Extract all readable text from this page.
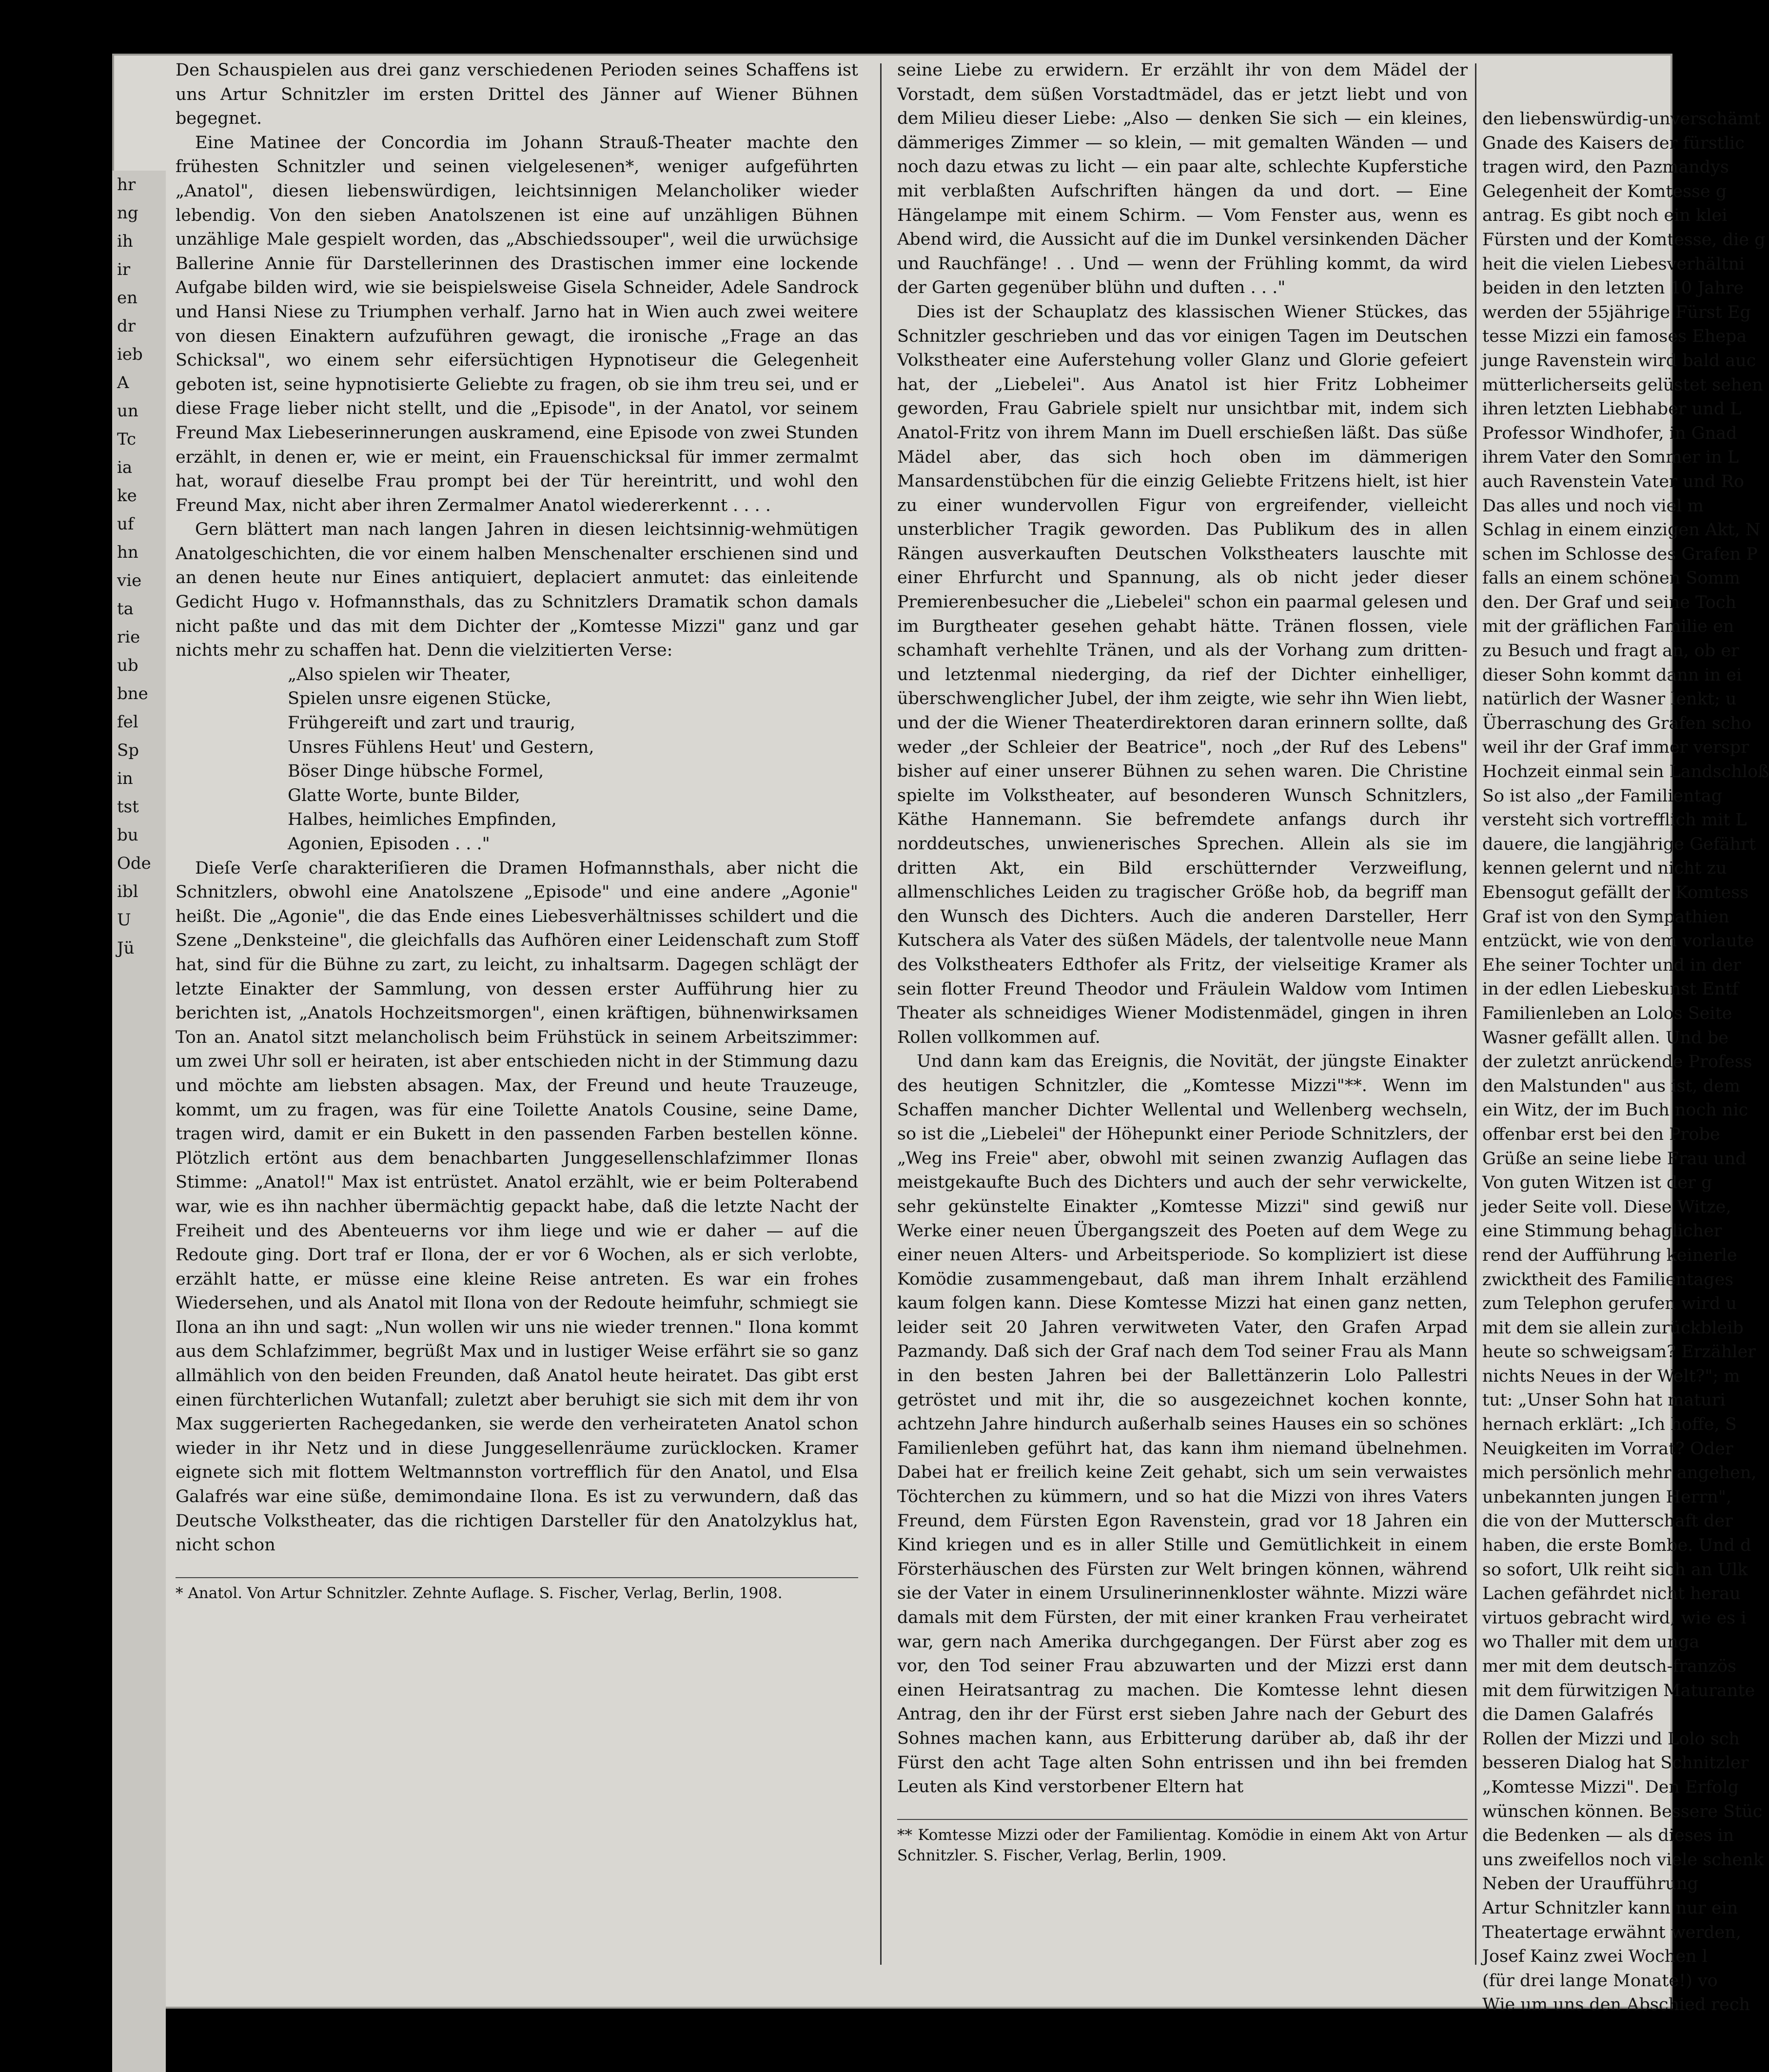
hr
ng
ih
ir
en
dr
ieb
A
un
Tc
ia
ke
uf
hn
vie
ta
rie
ub
bne
fel
Sp
in
tst
bu
Ode
ibl
U
Jü

Den Schauspielen aus drei ganz verschiedenen Perioden seines Schaffens ist uns Artur Schnitzler im ersten Drittel des Jänner auf Wiener Bühnen begegnet.

Eine Matinee der Concordia im Johann Strauß-Theater machte den frühesten Schnitzler und seinen vielgelesenen*, weniger aufgeführten „Anatol", diesen liebenswürdigen, leichtsinnigen Melancholiker wieder lebendig. Von den sieben Anatolszenen ist eine auf unzähligen Bühnen unzählige Male gespielt worden, das „Abschiedssouper", weil die urwüchsige Ballerine Annie für Darstellerinnen des Drastischen immer eine lockende Aufgabe bilden wird, wie sie beispielsweise Gisela Schneider, Adele Sandrock und Hansi Niese zu Triumphen verhalf. Jarno hat in Wien auch zwei weitere von diesen Einaktern aufzuführen gewagt, die ironische „Frage an das Schicksal", wo einem sehr eifersüchtigen Hypnotiseur die Gelegenheit geboten ist, seine hypnotisierte Geliebte zu fragen, ob sie ihm treu sei, und er diese Frage lieber nicht stellt, und die „Episode", in der Anatol, vor seinem Freund Max Liebeserinnerungen auskramend, eine Episode von zwei Stunden erzählt, in denen er, wie er meint, ein Frauenschicksal für immer zermalmt hat, worauf dieselbe Frau prompt bei der Tür hereintritt, und wohl den Freund Max, nicht aber ihren Zermalmer Anatol wiedererkennt . . . .

Gern blättert man nach langen Jahren in diesen leichtsinnig-wehmütigen Anatolgeschichten, die vor einem halben Menschenalter erschienen sind und an denen heute nur Eines antiquiert, deplaciert anmutet: das einleitende Gedicht Hugo v. Hofmannsthals, das zu Schnitzlers Dramatik schon damals nicht paßte und das mit dem Dichter der „Komtesse Mizzi" ganz und gar nichts mehr zu schaffen hat. Denn die vielzitierten Verse:

„Also spielen wir Theater,
Spielen unsre eigenen Stücke,
Frühgereift und zart und traurig,
Unsres Fühlens Heut' und Gestern,
Böser Dinge hübsche Formel,
Glatte Worte, bunte Bilder,
Halbes, heimliches Empfinden,
Agonien, Episoden . . ."

Dieſe Verſe charakteriſieren die Dramen Hofmannsthals, aber nicht die Schnitzlers, obwohl eine Anatolszene „Episode" und eine andere „Agonie" heißt. Die „Agonie", die das Ende eines Liebesverhältnisses schildert und die Szene „Denksteine", die gleichfalls das Aufhören einer Leidenschaft zum Stoff hat, sind für die Bühne zu zart, zu leicht, zu inhaltsarm. Dagegen schlägt der letzte Einakter der Sammlung, von dessen erster Aufführung hier zu berichten ist, „Anatols Hochzeitsmorgen", einen kräftigen, bühnenwirksamen Ton an. Anatol sitzt melancholisch beim Frühstück in seinem Arbeitszimmer: um zwei Uhr soll er heiraten, ist aber entschieden nicht in der Stimmung dazu und möchte am liebsten absagen. Max, der Freund und heute Trauzeuge, kommt, um zu fragen, was für eine Toilette Anatols Cousine, seine Dame, tragen wird, damit er ein Bukett in den passenden Farben bestellen könne. Plötzlich ertönt aus dem benachbarten Junggesellenschlafzimmer Ilonas Stimme: „Anatol!" Max ist entrüstet. Anatol erzählt, wie er beim Polterabend war, wie es ihn nachher übermächtig gepackt habe, daß die letzte Nacht der Freiheit und des Abenteuerns vor ihm liege und wie er daher — auf die Redoute ging. Dort traf er Ilona, der er vor 6 Wochen, als er sich verlobte, erzählt hatte, er müsse eine kleine Reise antreten. Es war ein frohes Wiedersehen, und als Anatol mit Ilona von der Redoute heimfuhr, schmiegt sie Ilona an ihn und sagt: „Nun wollen wir uns nie wieder trennen." Ilona kommt aus dem Schlafzimmer, begrüßt Max und in lustiger Weise erfährt sie so ganz allmählich von den beiden Freunden, daß Anatol heute heiratet. Das gibt erst einen fürchterlichen Wutanfall; zuletzt aber beruhigt sie sich mit dem ihr von Max suggerierten Rachegedanken, sie werde den verheirateten Anatol schon wieder in ihr Netz und in diese Junggesellenräume zurücklocken. Kramer eignete sich mit flottem Weltmannston vortrefflich für den Anatol, und Elsa Galafrés war eine süße, demimondaine Ilona. Es ist zu verwundern, daß das Deutsche Volkstheater, das die richtigen Darsteller für den Anatolzyklus hat, nicht schon

* Anatol. Von Artur Schnitzler. Zehnte Auflage. S. Fischer, Verlag, Berlin, 1908.

seine Liebe zu erwidern. Er erzählt ihr von dem Mädel der Vorstadt, dem süßen Vorstadtmädel, das er jetzt liebt und von dem Milieu dieser Liebe: „Also — denken Sie sich — ein kleines, dämmeriges Zimmer — so klein, — mit gemalten Wänden — und noch dazu etwas zu licht — ein paar alte, schlechte Kupferstiche mit verblaßten Aufschriften hängen da und dort. — Eine Hängelampe mit einem Schirm. — Vom Fenster aus, wenn es Abend wird, die Aussicht auf die im Dunkel versinkenden Dächer und Rauchfänge! . . Und — wenn der Frühling kommt, da wird der Garten gegenüber blühn und duften . . ."

Dies ist der Schauplatz des klassischen Wiener Stückes, das Schnitzler geschrieben und das vor einigen Tagen im Deutschen Volkstheater eine Auferstehung voller Glanz und Glorie gefeiert hat, der „Liebelei". Aus Anatol ist hier Fritz Lobheimer geworden, Frau Gabriele spielt nur unsichtbar mit, indem sich Anatol-Fritz von ihrem Mann im Duell erschießen läßt. Das süße Mädel aber, das sich hoch oben im dämmerigen Mansardenstübchen für die einzig Geliebte Fritzens hielt, ist hier zu einer wundervollen Figur von ergreifender, vielleicht unsterblicher Tragik geworden. Das Publikum des in allen Rängen ausverkauften Deutschen Volkstheaters lauschte mit einer Ehrfurcht und Spannung, als ob nicht jeder dieser Premierenbesucher die „Liebelei" schon ein paarmal gelesen und im Burgtheater gesehen gehabt hätte. Tränen flossen, viele schamhaft verhehlte Tränen, und als der Vorhang zum dritten- und letztenmal niederging, da rief der Dichter einhelliger, überschwenglicher Jubel, der ihm zeigte, wie sehr ihn Wien liebt, und der die Wiener Theaterdirektoren daran erinnern sollte, daß weder „der Schleier der Beatrice", noch „der Ruf des Lebens" bisher auf einer unserer Bühnen zu sehen waren. Die Christine spielte im Volkstheater, auf besonderen Wunsch Schnitzlers, Käthe Hannemann. Sie befremdete anfangs durch ihr norddeutsches, unwienerisches Sprechen. Allein als sie im dritten Akt, ein Bild erschütternder Verzweiflung, allmenschliches Leiden zu tragischer Größe hob, da begriff man den Wunsch des Dichters. Auch die anderen Darsteller, Herr Kutschera als Vater des süßen Mädels, der talentvolle neue Mann des Volkstheaters Edthofer als Fritz, der vielseitige Kramer als sein flotter Freund Theodor und Fräulein Waldow vom Intimen Theater als schneidiges Wiener Modistenmädel, gingen in ihren Rollen vollkommen auf.

Und dann kam das Ereignis, die Novität, der jüngste Einakter des heutigen Schnitzler, die „Komtesse Mizzi"**. Wenn im Schaffen mancher Dichter Wellental und Wellenberg wechseln, so ist die „Liebelei" der Höhepunkt einer Periode Schnitzlers, der „Weg ins Freie" aber, obwohl mit seinen zwanzig Auflagen das meistgekaufte Buch des Dichters und auch der sehr verwickelte, sehr gekünstelte Einakter „Komtesse Mizzi" sind gewiß nur Werke einer neuen Übergangszeit des Poeten auf dem Wege zu einer neuen Alters- und Arbeitsperiode. So kompliziert ist diese Komödie zusammengebaut, daß man ihrem Inhalt erzählend kaum folgen kann. Diese Komtesse Mizzi hat einen ganz netten, leider seit 20 Jahren verwitweten Vater, den Grafen Arpad Pazmandy. Daß sich der Graf nach dem Tod seiner Frau als Mann in den besten Jahren bei der Ballettänzerin Lolo Pallestri getröstet und mit ihr, die so ausgezeichnet kochen konnte, achtzehn Jahre hindurch außerhalb seines Hauses ein so schönes Familienleben geführt hat, das kann ihm niemand übelnehmen. Dabei hat er freilich keine Zeit gehabt, sich um sein verwaistes Töchterchen zu kümmern, und so hat die Mizzi von ihres Vaters Freund, dem Fürsten Egon Ravenstein, grad vor 18 Jahren ein Kind kriegen und es in aller Stille und Gemütlichkeit in einem Försterhäuschen des Fürsten zur Welt bringen können, während sie der Vater in einem Ursulinerinnenkloster wähnte. Mizzi wäre damals mit dem Fürsten, der mit einer kranken Frau verheiratet war, gern nach Amerika durchgegangen. Der Fürst aber zog es vor, den Tod seiner Frau abzuwarten und der Mizzi erst dann einen Heiratsantrag zu machen. Die Komtesse lehnt diesen Antrag, den ihr der Fürst erst sieben Jahre nach der Geburt des Sohnes machen kann, aus Erbitterung darüber ab, daß ihr der Fürst den acht Tage alten Sohn entrissen und ihn bei fremden Leuten als Kind verstorbener Eltern hat

** Komtesse Mizzi oder der Familientag. Komödie in einem Akt von Artur Schnitzler. S. Fischer, Verlag, Berlin, 1909.
den liebenswürdig-unverschämt
Gnade des Kaisers der fürstlic
tragen wird, den Pazmandys
Gelegenheit der Komtesse g
antrag. Es gibt noch ein klei
Fürsten und der Komtesse, die g
heit die vielen Liebesverhältni
beiden in den letzten 10 Jahre
werden der 55jährige Fürst Eg
tesse Mizzi ein famoses Ehepa
junge Ravenstein wird bald auc
mütterlicherseits gelüstet sehen
ihren letzten Liebhaber und L
Professor Windhofer, in Gnad
ihrem Vater den Sommer in L
auch Ravenstein Vater und Ro
Das alles und noch viel m
Schlag in einem einzigen Akt, N
schen im Schlosse des Grafen P
falls an einem schönen Somm
den. Der Graf und seine Toch
mit der gräflichen Familie en
zu Besuch und fragt an, ob er
dieser Sohn kommt dann in ei
natürlich der Wasner lenkt; u
Überraschung des Grafen scho
weil ihr der Graf immer verspr
Hochzeit einmal sein Landschloß
So ist also „der Familientag
versteht sich vortrefflich mit L
dauere, die langjährige Gefährt
kennen gelernt und nicht zu
Ebensogut gefällt der Komtess
Graf ist von den Sympathien
entzückt, wie von dem vorlaute
Ehe seiner Tochter und in der
in der edlen Liebeskunst Entf
Familienleben an Lolos Seite
Wasner gefällt allen. Und be
der zuletzt anrückende Profess
den Malstunden" aus ist, dem
ein Witz, der im Buch noch nic
offenbar erst bei den Probe
Grüße an seine liebe Frau und
Von guten Witzen ist der g
jeder Seite voll. Diese Witze,
eine Stimmung behaglicher
rend der Aufführung keinerle
zwicktheit des Familientages
zum Telephon gerufen wird u
mit dem sie allein zurückbleib
heute so schweigsam? Erzähler
nichts Neues in der Welt?"; m
tut: „Unser Sohn hat maturi
hernach erklärt: „Ich hoffe, S
Neuigkeiten im Vorrat? Oder
mich persönlich mehr angehen,
unbekannten jungen Herrn",
die von der Mutterschaft der
haben, die erste Bombe. Und d
so sofort, Ulk reiht sich an Ulk
Lachen gefährdet nicht herau
virtuos gebracht wird, wie es i
wo Thaller mit dem unga
mer mit dem deutsch-französ
mit dem fürwitzigen Maturante
die Damen Galafrés
Rollen der Mizzi und Lolo sch
besseren Dialog hat Schnitzler
„Komtesse Mizzi". Den Erfolg
wünschen können. Bessere Stüc
die Bedenken — als dieses in
uns zweifellos noch viele schenk
Neben der Uraufführung
Artur Schnitzler kann nur ein
Theatertage erwähnt werden,
Josef Kainz zwei Wochen l
(für drei lange Monate!) vo
Wie um uns den Abschied rech
